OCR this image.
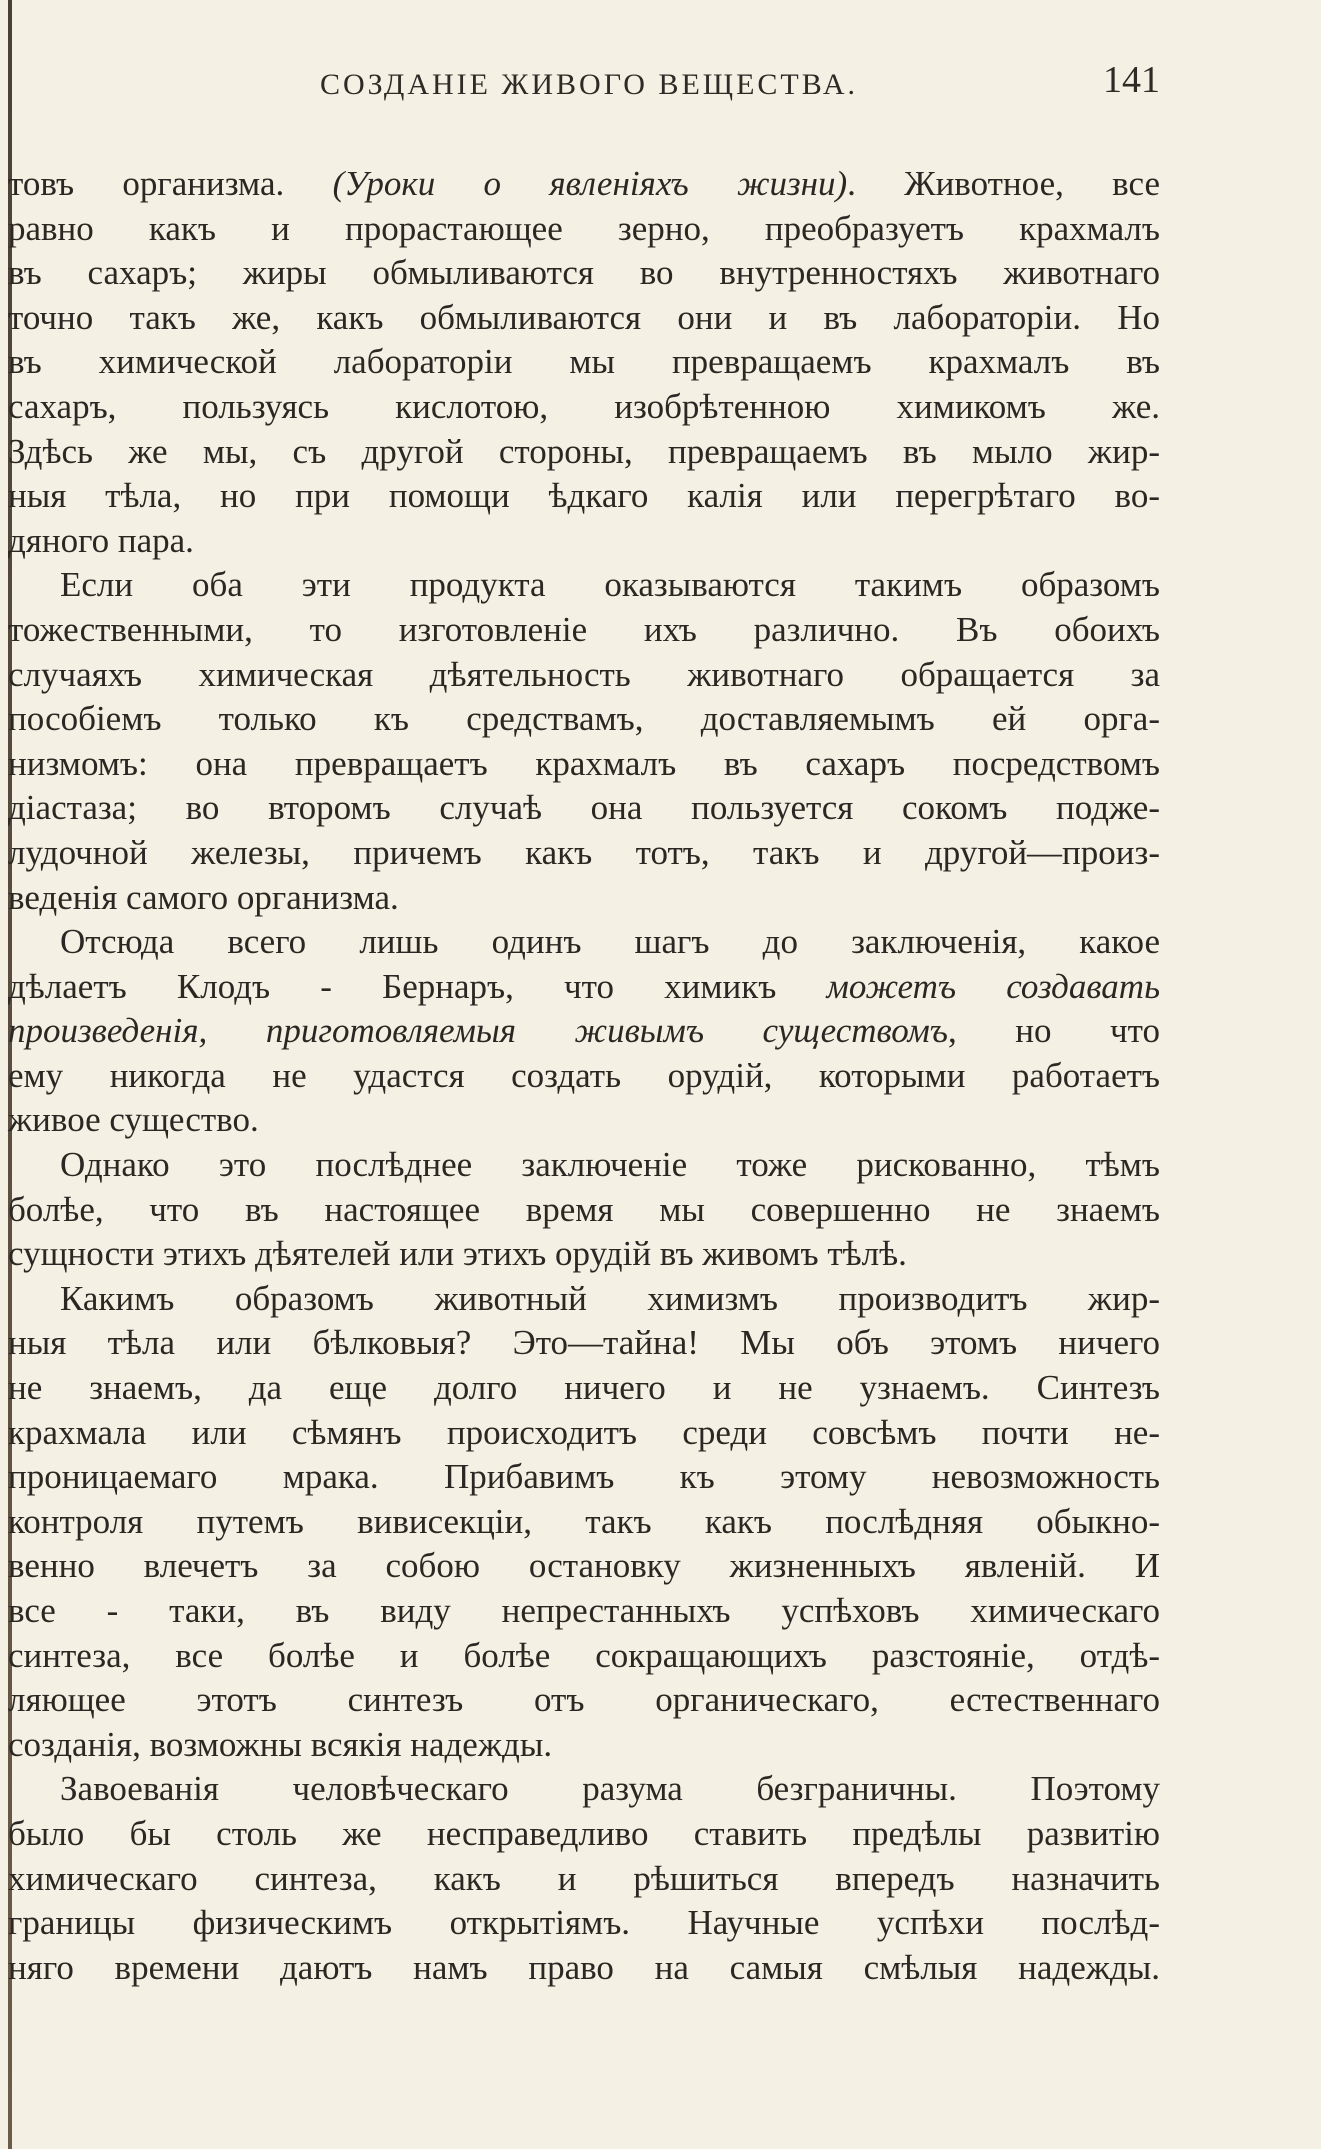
СОЗДАНІЕ ЖИВОГО ВЕЩЕСТВА.	141
товъ организма. (Уроки о явленіяхъ жизни). Животное, все
равно какъ и прорастающее зерно, преобразуетъ крахмалъ
въ сахаръ; жиры обмыливаются во внутренностяхъ животнаго
точно такъ же, какъ обмыливаются они и въ лабораторіи. Но
въ химической лабораторіи мы превращаемъ крахмалъ въ
сахаръ, пользуясь кислотою, изобрѣтенною химикомъ же.
Здѣсь же мы, съ другой стороны, превращаемъ въ мыло жир-
ныя тѣла, но при помощи ѣдкаго калія или перегрѣтаго во-
дяного пара.
Если оба эти продукта оказываются такимъ образомъ
тожественными, то изготовленіе ихъ различно. Въ обоихъ
случаяхъ химическая дѣятельность животнаго обращается за
пособіемъ только къ средствамъ, доставляемымъ ей орга-
низмомъ: она превращаетъ крахмалъ въ сахаръ посредствомъ
діастаза; во второмъ случаѣ она пользуется сокомъ подже-
лудочной железы, причемъ какъ тотъ, такъ и другой—произ-
веденія самого организма.
Отсюда всего лишь одинъ шагъ до заключенія, какое
дѣлаетъ Клодъ - Бернаръ, что химикъ можетъ создавать
произведенія, приготовляемыя живымъ существомъ, но что
ему никогда не удастся создать орудій, которыми работаетъ
живое существо.
Однако это послѣднее заключеніе тоже рискованно, тѣмъ
болѣе, что въ настоящее время мы совершенно не знаемъ
сущности этихъ дѣятелей или этихъ орудій въ живомъ тѣлѣ.
Какимъ образомъ животный химизмъ производитъ жир-
ныя тѣла или бѣлковыя? Это—тайна! Мы объ этомъ ничего
не знаемъ, да еще долго ничего и не узнаемъ. Синтезъ
крахмала или сѣмянъ происходитъ среди совсѣмъ почти не-
проницаемаго мрака. Прибавимъ къ этому невозможность
контроля путемъ вивисекціи, такъ какъ послѣдняя обыкно-
венно влечетъ за собою остановку жизненныхъ явленій. И
все - таки, въ виду непрестанныхъ успѣховъ химическаго
синтеза, все болѣе и болѣе сокращающихъ разстояніе, отдѣ-
ляющее этотъ синтезъ отъ органическаго, естественнаго
созданія, возможны всякія надежды.
Завоеванія человѣческаго разума безграничны. Поэтому
было бы столь же несправедливо ставить предѣлы развитію
химическаго синтеза, какъ и рѣшиться впередъ назначить
границы физическимъ открытіямъ. Научные успѣхи послѣд-
няго времени даютъ намъ право на самыя смѣлыя надежды.
